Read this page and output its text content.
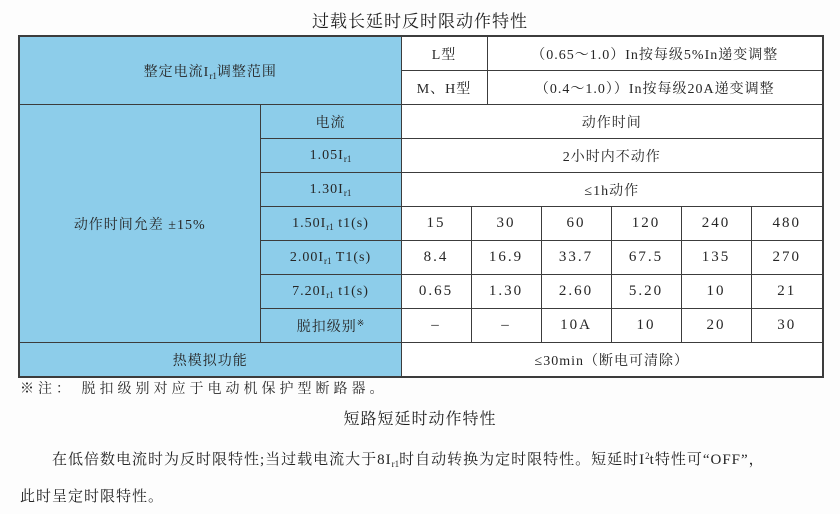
过载长延时反时限动作特性
整定电流$I_{r1}$调整范围	L型	（0.65～1.0）In按每级5%In递变调整
	M、H型	（0.4～1.0））In按每级20A递变调整
动作时间允差 ±15%	电流	动作时间					
	$1.05I_{r1}$	2小时内不动作					
	$1.30I_{r1}$	≤1h动作					
	$1.50I_{r1}$ t1(s)	15	30	60	120	240	480
	$2.00I_{r1}$ T1(s)	8.4	16.9	33.7	67.5	135	270
	$7.20I_{r1}$ t1(s)	0.65	1.30	2.60	5.20	10	21
	脱扣级别※	–	–	10A	10	20	30
热模拟功能	≤30min（断电可清除）
※注： 脱扣级别对应于电动机保护型断路器。
短路短延时动作特性
在低倍数电流时为反时限特性;当过载电流大于$8I_{r1}$时自动转换为定时限特性。短延时$I^2t$特性可“OFF”，
此时呈定时限特性。
